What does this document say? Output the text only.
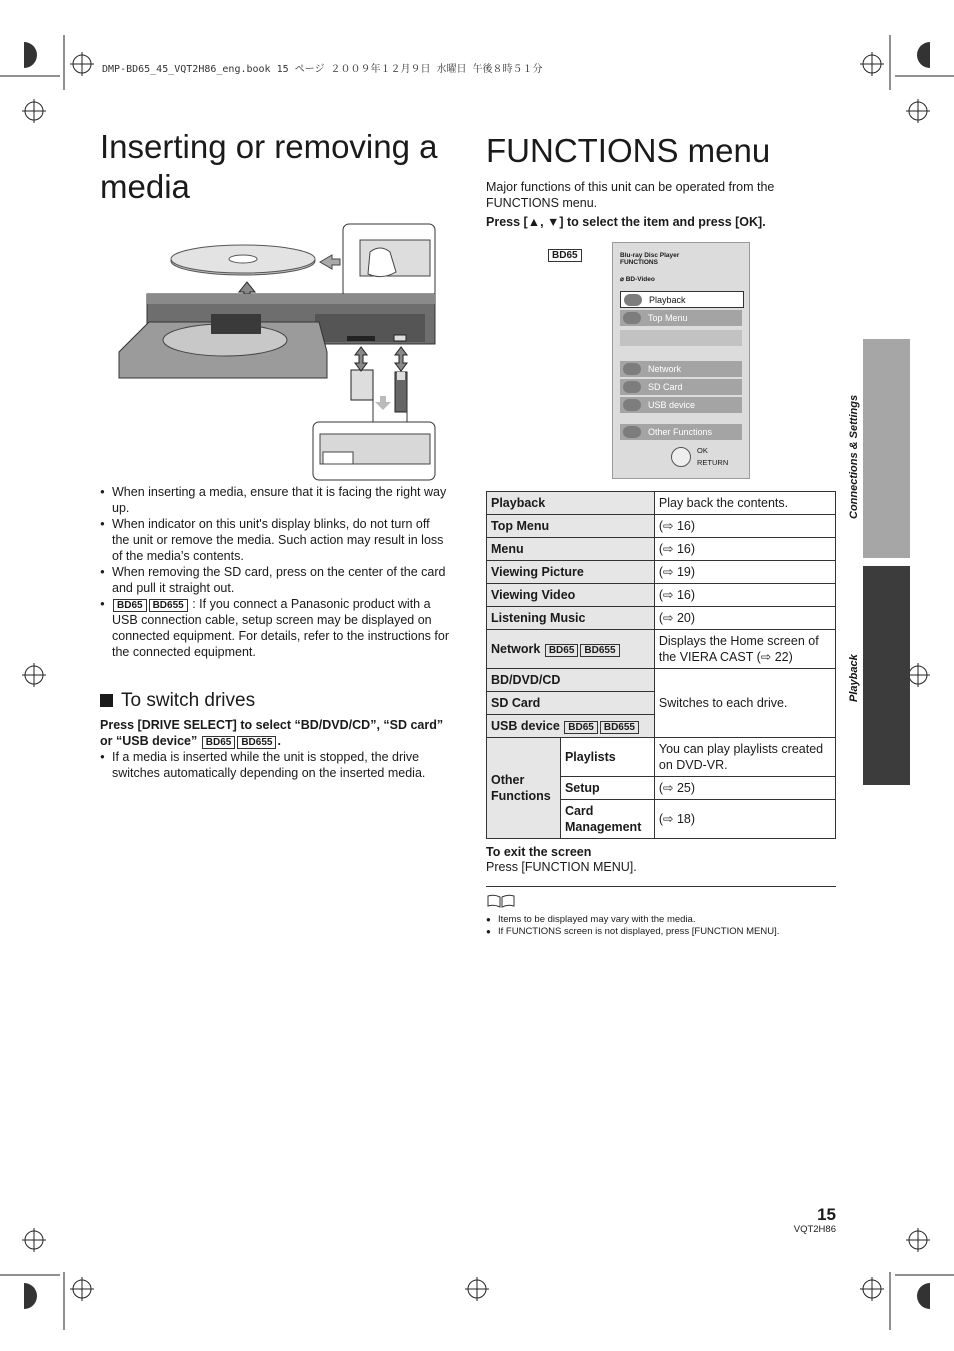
DMP-BD65_45_VQT2H86_eng.book 15 ページ ２００９年１２月９日 水曜日 午後８時５１分
Inserting or removing a
media
● When inserting a media, ensure that it is facing the right way up.
● When indicator on this unit's display blinks, do not turn off the unit or remove the media. Such action may result in loss of the media’s contents.
● When removing the SD card, press on the center of the card and pull it straight out.
● BD65 BD655 : If you connect a Panasonic product with a USB connection cable, setup screen may be displayed on connected equipment. For details, refer to the instructions for the connected equipment.
To switch drives
Press [DRIVE SELECT] to select “BD/DVD/CD”, “SD card” or “USB device” BD65 BD655 .
● If a media is inserted while the unit is stopped, the drive switches automatically depending on the inserted media.
FUNCTIONS menu
Major functions of this unit can be operated from the FUNCTIONS menu.
Press [▲, ▼] to select the item and press [OK].
BD65	Blu-ray Disc Player
FUNCTIONS
⌀ BD-Video
Playback
Top Menu
Network
SD Card
USB device
Other Functions
OK
RETURN
Playback		Play back the contents.
Top Menu		(⇨ 16)
Menu		(⇨ 16)
Viewing Picture		(⇨ 19)
Viewing Video		(⇨ 16)
Listening Music		(⇨ 20)
Network BD65 BD655		Displays the Home screen of the VIERA CAST (⇨ 22)
BD/DVD/CD		Switches to each drive.
SD Card		
USB device BD65 BD655		
Other Functions	Playlists	You can play playlists created on DVD-VR.
	Setup	(⇨ 25)
	Card Management	(⇨ 18)
To exit the screen
Press [FUNCTION MENU].
● Items to be displayed may vary with the media.
● If FUNCTIONS screen is not displayed, press [FUNCTION MENU].
Connections & Settings
Playback
15
VQT2H86
